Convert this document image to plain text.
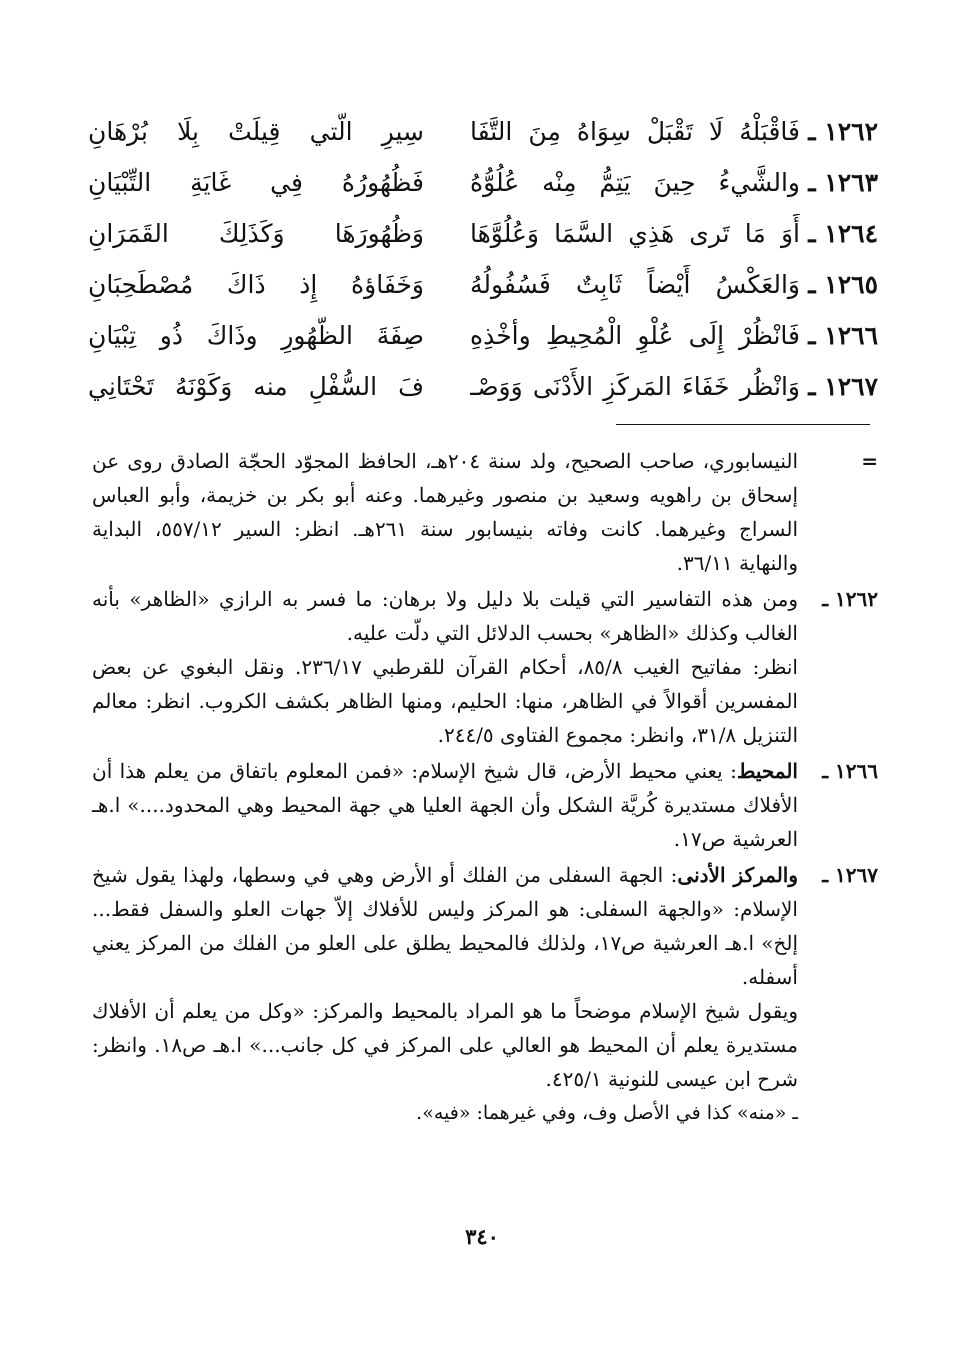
١٢٦٢ ـ
فَاقْبَلْهُ لَا تَقْبَلْ سِوَاهُ مِنَ التَّفَا
سِيرِ الَّتي قِيلَتْ بِلَا بُرْهَانِ
١٢٦٣ ـ
والشَّيءُ حِينَ يَتِمُّ مِنْه عُلُوُّهُ
فَظُهُورُهُ فِي غَايَةِ التِّبْيَانِ
١٢٦٤ ـ
أَوَ مَا تَرى هَذِي السَّمَا وَعُلُوَّهَا
وَظُهُورَهَا وَكَذَلِكَ القَمَرَانِ
١٢٦٥ ـ
وَالعَكْسُ أَيْضاً ثَابِتٌ فَسُفُولُهُ
وَخَفَاؤهُ إِذ ذَاكَ مُصْطَحِبَانِ
١٢٦٦ ـ
فَانْظُرْ إِلَى عُلْوِ الْمُحِيطِ وأخْذِهِ
صِفَةَ الظُّهُورِ وذَاكَ ذُو تِبْيَانِ
١٢٦٧ ـ
وَانْظُر خَفَاءَ المَركَزِ الأَدْنَى وَوَصْـ
فَ السُّفْلِ منه وَكَوْنَهُ تَحْتَانِي
=

النيسابوري، صاحب الصحيح، ولد سنة ٢٠٤هـ، الحافظ المجوّد الحجّة الصادق روى عن إسحاق بن راهويه وسعيد بن منصور وغيرهما. وعنه أبو بكر بن خزيمة، وأبو العباس السراج وغيرهما. كانت وفاته بنيسابور سنة ٢٦١هـ. انظر: السير ٥٥٧/١٢، البداية والنهاية ٣٦/١١.

١٢٦٢ ـ

ومن هذه التفاسير التي قيلت بلا دليل ولا برهان: ما فسر به الرازي «الظاهر» بأنه الغالب وكذلك «الظاهر» بحسب الدلائل التي دلّت عليه.

انظر: مفاتيح الغيب ٨٥/٨، أحكام القرآن للقرطبي ٢٣٦/١٧. ونقل البغوي عن بعض المفسرين أقوالاً في الظاهر، منها: الحليم، ومنها الظاهر بكشف الكروب. انظر: معالم التنزيل ٣١/٨، وانظر: مجموع الفتاوى ٢٤٤/٥.

١٢٦٦ ـ

المحيط: يعني محيط الأرض، قال شيخ الإسلام: «فمن المعلوم باتفاق من يعلم هذا أن الأفلاك مستديرة كُريَّة الشكل وأن الجهة العليا هي جهة المحيط وهي المحدود....» ا.هـ العرشية ص١٧.

١٢٦٧ ـ

والمركز الأدنى: الجهة السفلى من الفلك أو الأرض وهي في وسطها، ولهذا يقول شيخ الإسلام: «والجهة السفلى: هو المركز وليس للأفلاك إلاّ جهات العلو والسفل فقط... إلخ» ا.هـ العرشية ص١٧، ولذلك فالمحيط يطلق على العلو من الفلك من المركز يعني أسفله.

ويقول شيخ الإسلام موضحاً ما هو المراد بالمحيط والمركز: «وكل من يعلم أن الأفلاك مستديرة يعلم أن المحيط هو العالي على المركز في كل جانب...» ا.هـ ص١٨. وانظر: شرح ابن عيسى للنونية ٤٢٥/١.

ـ «منه» كذا في الأصل وف، وفي غيرهما: «فيه».

٣٤٠
